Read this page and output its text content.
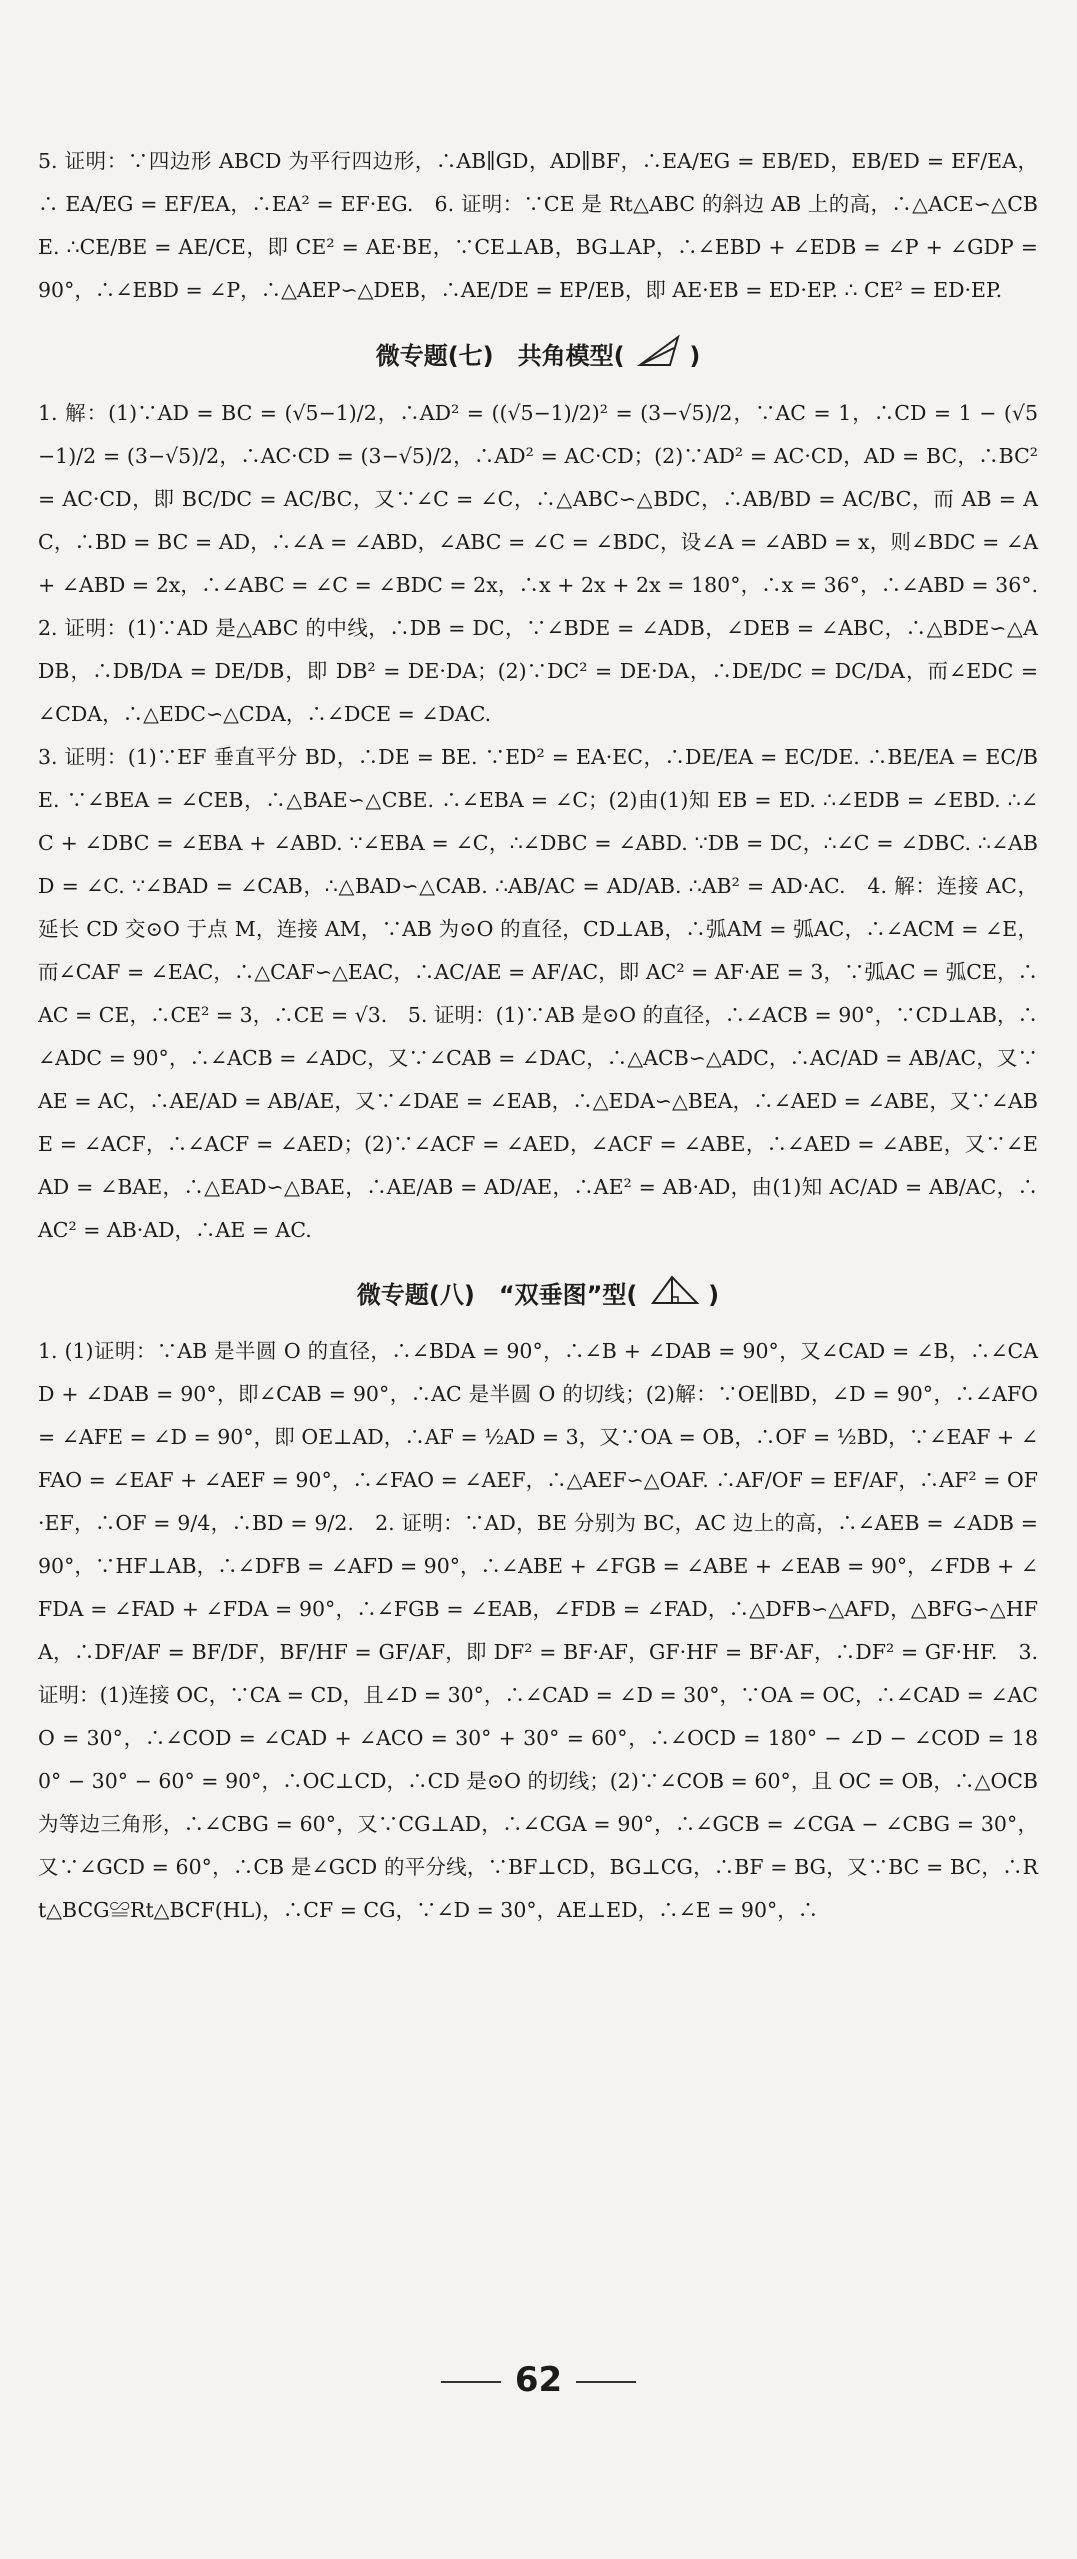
5. 证明：∵四边形 ABCD 为平行四边形，∴AB∥GD，AD∥BF，∴EA/EG = EB/ED，EB/ED = EF/EA，∴ EA/EG = EF/EA，∴EA² = EF·EG.　6. 证明：∵CE 是 Rt△ABC 的斜边 AB 上的高，∴△ACE∽△CBE. ∴CE/BE = AE/CE，即 CE² = AE·BE，∵CE⊥AB，BG⊥AP，∴∠EBD + ∠EDB = ∠P + ∠GDP = 90°，∴∠EBD = ∠P，∴△AEP∽△DEB，∴AE/DE = EP/EB，即 AE·EB = ED·EP. ∴ CE² = ED·EP.

微专题(七)　共角模型(	)

1. 解：(1)∵AD = BC = (√5−1)/2，∴AD² = ((√5−1)/2)² = (3−√5)/2，∵AC = 1，∴CD = 1 − (√5−1)/2 = (3−√5)/2，∴AC·CD = (3−√5)/2，∴AD² = AC·CD；(2)∵AD² = AC·CD，AD = BC，∴BC² = AC·CD，即 BC/DC = AC/BC，又∵∠C = ∠C，∴△ABC∽△BDC，∴AB/BD = AC/BC，而 AB = AC，∴BD = BC = AD，∴∠A = ∠ABD，∠ABC = ∠C = ∠BDC，设∠A = ∠ABD = x，则∠BDC = ∠A + ∠ABD = 2x，∴∠ABC = ∠C = ∠BDC = 2x，∴x + 2x + 2x = 180°，∴x = 36°，∴∠ABD = 36°.　2. 证明：(1)∵AD 是△ABC 的中线，∴DB = DC，∵∠BDE = ∠ADB，∠DEB = ∠ABC，∴△BDE∽△ADB，∴DB/DA = DE/DB，即 DB² = DE·DA；(2)∵DC² = DE·DA，∴DE/DC = DC/DA，而∠EDC = ∠CDA，∴△EDC∽△CDA，∴∠DCE = ∠DAC.

3. 证明：(1)∵EF 垂直平分 BD，∴DE = BE. ∵ED² = EA·EC，∴DE/EA = EC/DE. ∴BE/EA = EC/BE. ∵∠BEA = ∠CEB，∴△BAE∽△CBE. ∴∠EBA = ∠C；(2)由(1)知 EB = ED. ∴∠EDB = ∠EBD. ∴∠C + ∠DBC = ∠EBA + ∠ABD. ∵∠EBA = ∠C，∴∠DBC = ∠ABD. ∵DB = DC，∴∠C = ∠DBC. ∴∠ABD = ∠C. ∵∠BAD = ∠CAB，∴△BAD∽△CAB. ∴AB/AC = AD/AB. ∴AB² = AD·AC.　4. 解：连接 AC，延长 CD 交⊙O 于点 M，连接 AM，∵AB 为⊙O 的直径，CD⊥AB，∴弧AM = 弧AC，∴∠ACM = ∠E，而∠CAF = ∠EAC，∴△CAF∽△EAC，∴AC/AE = AF/AC，即 AC² = AF·AE = 3，∵弧AC = 弧CE，∴AC = CE，∴CE² = 3，∴CE = √3.　5. 证明：(1)∵AB 是⊙O 的直径，∴∠ACB = 90°，∵CD⊥AB，∴∠ADC = 90°，∴∠ACB = ∠ADC，又∵∠CAB = ∠DAC，∴△ACB∽△ADC，∴AC/AD = AB/AC，又∵AE = AC，∴AE/AD = AB/AE，又∵∠DAE = ∠EAB，∴△EDA∽△BEA，∴∠AED = ∠ABE，又∵∠ABE = ∠ACF，∴∠ACF = ∠AED；(2)∵∠ACF = ∠AED，∠ACF = ∠ABE，∴∠AED = ∠ABE，又∵∠EAD = ∠BAE，∴△EAD∽△BAE，∴AE/AB = AD/AE，∴AE² = AB·AD，由(1)知 AC/AD = AB/AC，∴AC² = AB·AD，∴AE = AC.

微专题(八)　“双垂图”型(	)

1. (1)证明：∵AB 是半圆 O 的直径，∴∠BDA = 90°，∴∠B + ∠DAB = 90°，又∠CAD = ∠B，∴∠CAD + ∠DAB = 90°，即∠CAB = 90°，∴AC 是半圆 O 的切线；(2)解：∵OE∥BD，∠D = 90°，∴∠AFO = ∠AFE = ∠D = 90°，即 OE⊥AD，∴AF = ½AD = 3，又∵OA = OB，∴OF = ½BD，∵∠EAF + ∠FAO = ∠EAF + ∠AEF = 90°，∴∠FAO = ∠AEF，∴△AEF∽△OAF. ∴AF/OF = EF/AF，∴AF² = OF·EF，∴OF = 9/4，∴BD = 9/2.　2. 证明：∵AD，BE 分别为 BC，AC 边上的高，∴∠AEB = ∠ADB = 90°，∵HF⊥AB，∴∠DFB = ∠AFD = 90°，∴∠ABE + ∠FGB = ∠ABE + ∠EAB = 90°，∠FDB + ∠FDA = ∠FAD + ∠FDA = 90°，∴∠FGB = ∠EAB，∠FDB = ∠FAD，∴△DFB∽△AFD，△BFG∽△HFA，∴DF/AF = BF/DF，BF/HF = GF/AF，即 DF² = BF·AF，GF·HF = BF·AF，∴DF² = GF·HF.　3. 证明：(1)连接 OC，∵CA = CD，且∠D = 30°，∴∠CAD = ∠D = 30°，∵OA = OC，∴∠CAD = ∠ACO = 30°，∴∠COD = ∠CAD + ∠ACO = 30° + 30° = 60°，∴∠OCD = 180° − ∠D − ∠COD = 180° − 30° − 60° = 90°，∴OC⊥CD，∴CD 是⊙O 的切线；(2)∵∠COB = 60°，且 OC = OB，∴△OCB 为等边三角形，∴∠CBG = 60°，又∵CG⊥AD，∴∠CGA = 90°，∴∠GCB = ∠CGA − ∠CBG = 30°，又∵∠GCD = 60°，∴CB 是∠GCD 的平分线，∵BF⊥CD，BG⊥CG，∴BF = BG，又∵BC = BC，∴Rt△BCG≌Rt△BCF(HL)，∴CF = CG，∵∠D = 30°，AE⊥ED，∴∠E = 90°，∴

62
